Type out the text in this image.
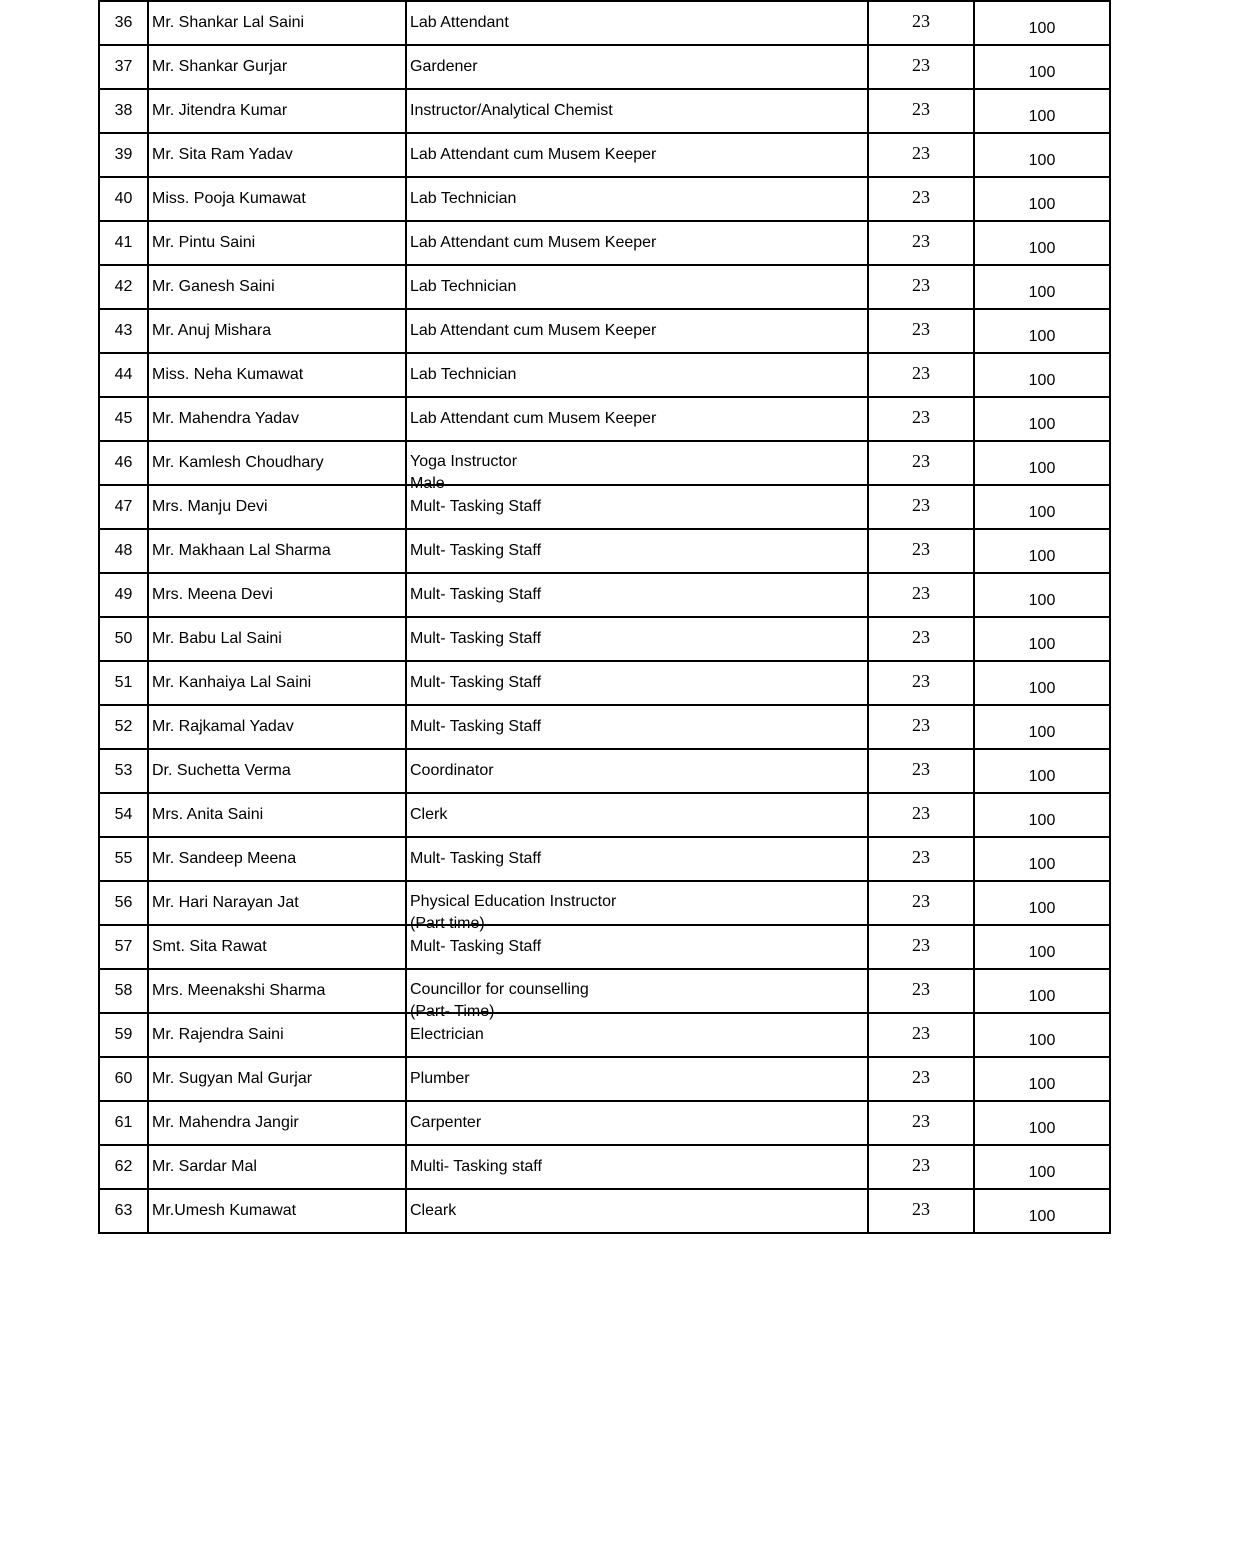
36	Mr. Shankar Lal Saini	Lab Attendant	23	100
37	Mr. Shankar Gurjar	Gardener	23	100
38	Mr. Jitendra Kumar	Instructor/Analytical Chemist	23	100
39	Mr. Sita Ram Yadav	Lab Attendant cum Musem Keeper	23	100
40	Miss. Pooja Kumawat	Lab Technician	23	100
41	Mr. Pintu Saini	Lab Attendant cum Musem Keeper	23	100
42	Mr. Ganesh Saini	Lab Technician	23	100
43	Mr. Anuj Mishara	Lab Attendant cum Musem Keeper	23	100
44	Miss. Neha Kumawat	Lab Technician	23	100
45	Mr. Mahendra Yadav	Lab Attendant cum Musem Keeper	23	100
46	Mr. Kamlesh Choudhary	Yoga Instructor
Male	23	100
47	Mrs. Manju Devi	Mult- Tasking Staff	23	100
48	Mr. Makhaan Lal Sharma	Mult- Tasking Staff	23	100
49	Mrs. Meena Devi	Mult- Tasking Staff	23	100
50	Mr. Babu Lal Saini	Mult- Tasking Staff	23	100
51	Mr. Kanhaiya Lal Saini	Mult- Tasking Staff	23	100
52	Mr. Rajkamal Yadav	Mult- Tasking Staff	23	100
53	Dr. Suchetta Verma	Coordinator	23	100
54	Mrs. Anita Saini	Clerk	23	100
55	Mr. Sandeep Meena	Mult- Tasking Staff	23	100
56	Mr. Hari Narayan Jat	Physical Education Instructor
(Part time)	23	100
57	Smt. Sita Rawat	Mult- Tasking Staff	23	100
58	Mrs. Meenakshi Sharma	Councillor for counselling
(Part- Time)	23	100
59	Mr. Rajendra Saini	Electrician	23	100
60	Mr. Sugyan Mal Gurjar	Plumber	23	100
61	Mr. Mahendra Jangir	Carpenter	23	100
62	Mr. Sardar Mal	Multi- Tasking staff	23	100
63	Mr.Umesh Kumawat	Cleark	23	100
